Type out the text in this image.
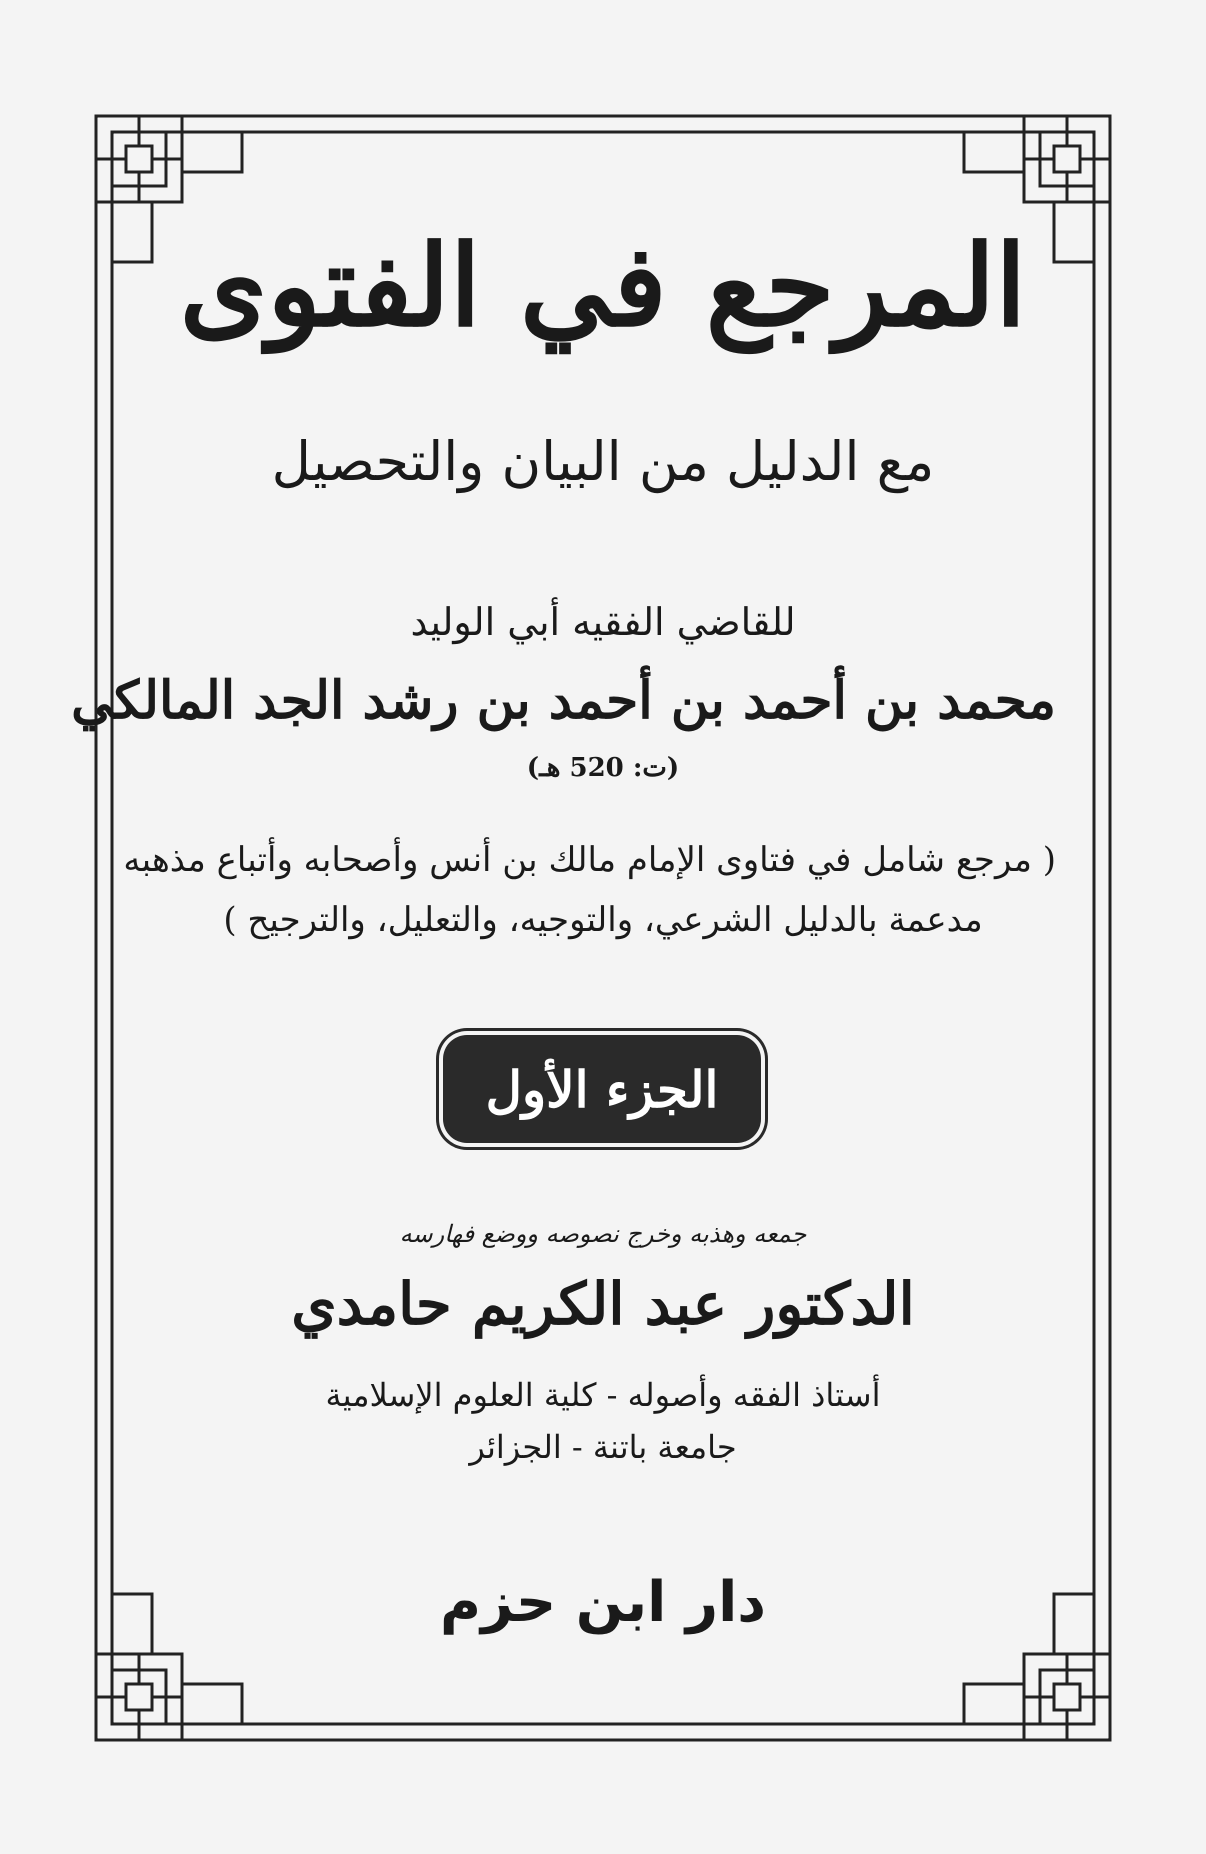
المرجع في الفتوى
مع الدليل من البيان والتحصيل
للقاضي الفقيه أبي الوليد
محمد بن أحمد بن أحمد بن رشد الجد المالكي
(ت: 520 هـ)
( مرجع شامل في فتاوى الإمام مالك بن أنس وأصحابه وأتباع مذهبه
مدعمة بالدليل الشرعي، والتوجيه، والتعليل، والترجيح )
الجزء الأول
جمعه وهذبه وخرج نصوصه ووضع فهارسه
الدكتور عبد الكريم حامدي
أستاذ الفقه وأصوله - كلية العلوم الإسلامية
جامعة باتنة - الجزائر
دار ابن حزم
